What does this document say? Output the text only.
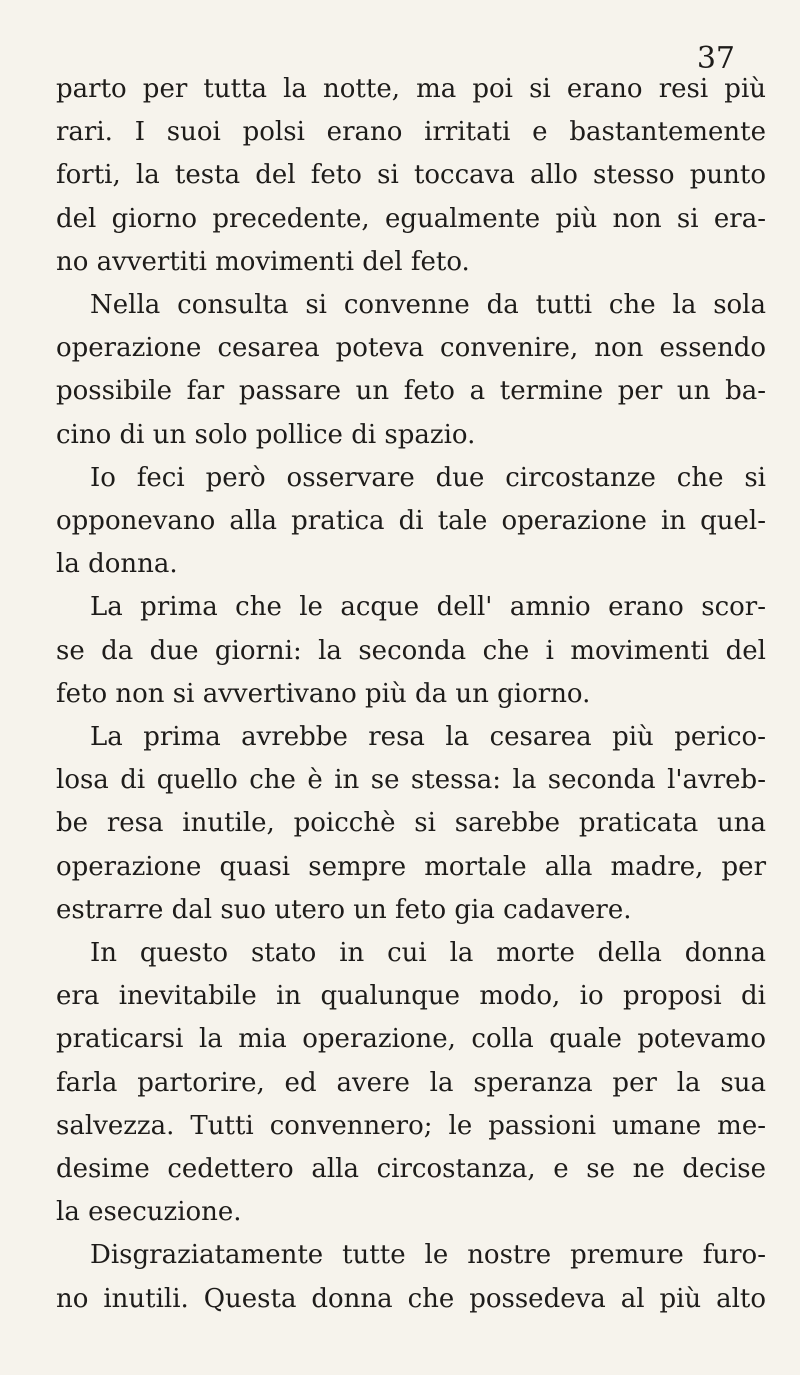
37
parto per tutta la notte, ma poi si erano resi più
rari. I suoi polsi erano irritati e bastantemente
forti, la testa del feto si toccava allo stesso punto
del giorno precedente, egualmente più non si era-
no avvertiti movimenti del feto.
Nella consulta si convenne da tutti che la sola
operazione cesarea poteva convenire, non essendo
possibile far passare un feto a termine per un ba-
cino di un solo pollice di spazio.
Io feci però osservare due circostanze che si
opponevano alla pratica di tale operazione in quel-
la donna.
La prima che le acque dell' amnio erano scor-
se da due giorni: la seconda che i movimenti del
feto non si avvertivano più da un giorno.
La prima avrebbe resa la cesarea più perico-
losa di quello che è in se stessa: la seconda l'avreb-
be resa inutile, poicchè si sarebbe praticata una
operazione quasi sempre mortale alla madre, per
estrarre dal suo utero un feto gia cadavere.
In questo stato in cui la morte della donna
era inevitabile in qualunque modo, io proposi di
praticarsi la mia operazione, colla quale potevamo
farla partorire, ed avere la speranza per la sua
salvezza. Tutti convennero; le passioni umane me-
desime cedettero alla circostanza, e se ne decise
la esecuzione.
Disgraziatamente tutte le nostre premure furo-
no inutili. Questa donna che possedeva al più alto
